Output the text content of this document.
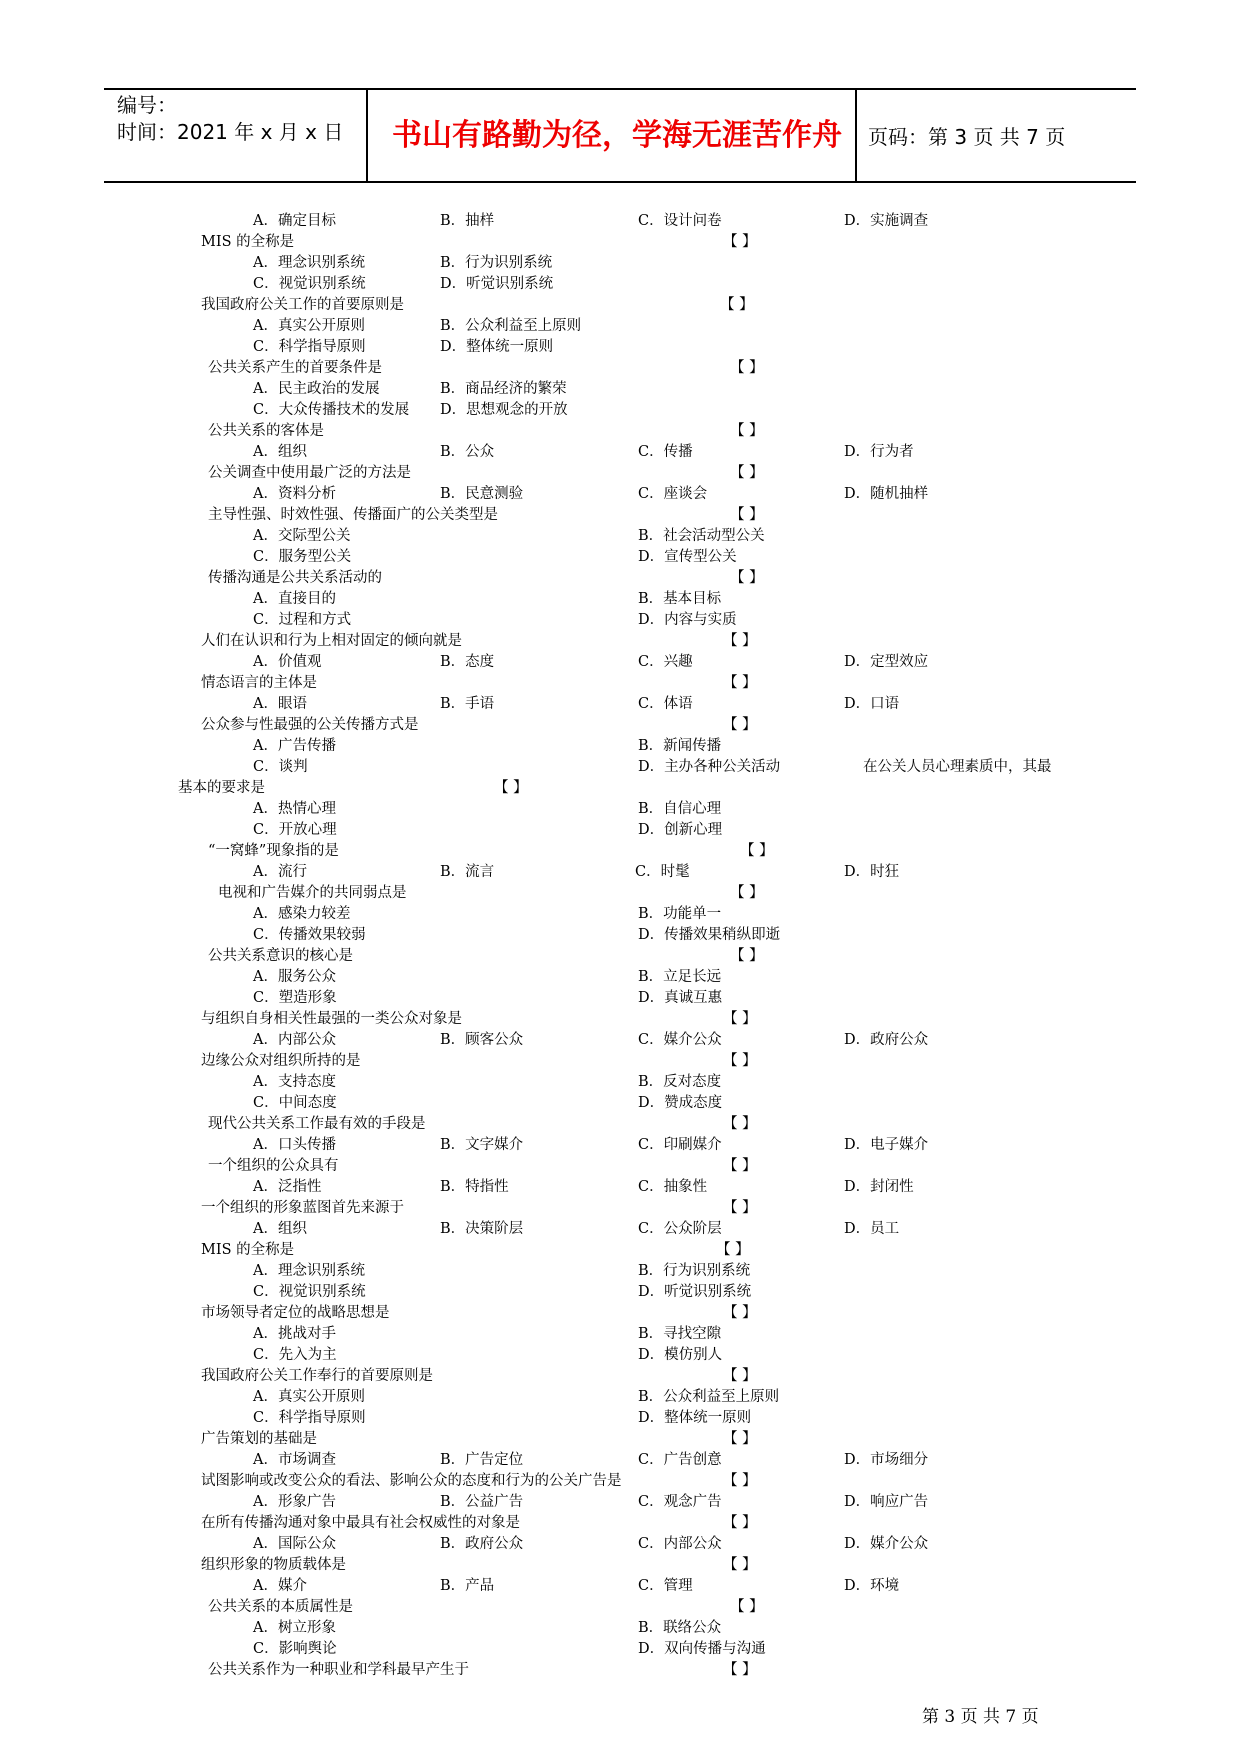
编号：
时间：2021 年 x 月 x 日 书山有路勤为径，学海无涯苦作舟 页码：第 3 页 共 7 页
A．确定目标	B．抽样	C．设计问卷	D．实施调查
MIS 的全称是	【 】
A．理念识别系统	B．行为识别系统
C．视觉识别系统	D．听觉识别系统
我国政府公关工作的首要原则是	【 】
A．真实公开原则	B．公众利益至上原则
C．科学指导原则	D．整体统一原则
公共关系产生的首要条件是	【 】
A．民主政治的发展	B．商品经济的繁荣
C．大众传播技术的发展 D．思想观念的开放
公共关系的客体是	【 】
A．组织	B．公众	C．传播	D．行为者
公关调查中使用最广泛的方法是	【 】
A．资料分析	B．民意测验	C．座谈会	D．随机抽样
主导性强、时效性强、传播面广的公关类型是	【 】
A．交际型公关	B．社会活动型公关
C．服务型公关	D．宣传型公关
传播沟通是公共关系活动的	【 】
A．直接目的	B．基本目标
C．过程和方式	D．内容与实质
人们在认识和行为上相对固定的倾向就是	【 】
A．价值观	B．态度	C．兴趣	D．定型效应
情态语言的主体是	【 】
A．眼语	B．手语	C．体语	D．口语
公众参与性最强的公关传播方式是	【 】
A．广告传播	B．新闻传播
C．谈判	D．主办各种公关活动	在公关人员心理素质中，其最
基本的要求是	【 】
A．热情心理	B．自信心理
C．开放心理	D．创新心理
“一窝蜂”现象指的是	【 】
A．流行	B．流言	C．时髦	D．时狂
电视和广告媒介的共同弱点是	【 】
A．感染力较差	B．功能单一
C．传播效果较弱	D．传播效果稍纵即逝
公共关系意识的核心是	【 】
A．服务公众	B．立足长远
C．塑造形象	D．真诚互惠
与组织自身相关性最强的一类公众对象是	【 】
A．内部公众	B．顾客公众	C．媒介公众	D．政府公众
边缘公众对组织所持的是	【 】
A．支持态度	B．反对态度
C．中间态度	D．赞成态度
现代公共关系工作最有效的手段是	【 】
A．口头传播	B．文字媒介	C．印刷媒介	D．电子媒介
一个组织的公众具有	【 】
A．泛指性	B．特指性	C．抽象性	D．封闭性
一个组织的形象蓝图首先来源于	【 】
A．组织	B．决策阶层	C．公众阶层	D．员工
MIS 的全称是	【 】
A．理念识别系统	B．行为识别系统
C．视觉识别系统	D．听觉识别系统
市场领导者定位的战略思想是	【 】
A．挑战对手	B．寻找空隙
C．先入为主	D．模仿别人
我国政府公关工作奉行的首要原则是	【 】
A．真实公开原则	B．公众利益至上原则
C．科学指导原则	D．整体统一原则
广告策划的基础是	【 】
A．市场调查	B．广告定位	C．广告创意	D．市场细分
试图影响或改变公众的看法、影响公众的态度和行为的公关广告是	【 】
A．形象广告	B．公益广告	C．观念广告	D．响应广告
在所有传播沟通对象中最具有社会权威性的对象是	【 】
A．国际公众	B．政府公众	C．内部公众	D．媒介公众
组织形象的物质载体是	【 】
A．媒介	B．产品	C．管理	D．环境
公共关系的本质属性是	【 】
A．树立形象	B．联络公众
C．影响舆论	D．双向传播与沟通
公共关系作为一种职业和学科最早产生于	【 】
第 3 页 共 7 页
